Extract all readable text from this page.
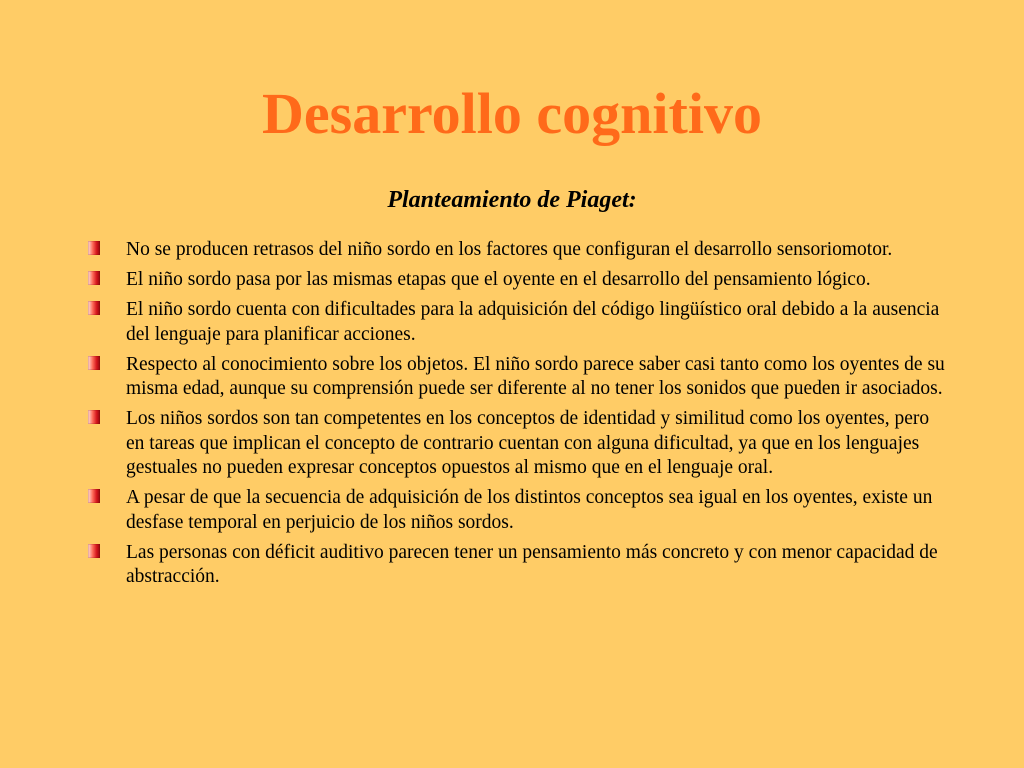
Desarrollo cognitivo
Planteamiento de Piaget:
No se producen retrasos del niño sordo en los factores que configuran el desarrollo sensoriomotor.
El niño sordo pasa por las mismas etapas que el oyente en el desarrollo del pensamiento lógico.
El niño sordo cuenta con dificultades para la adquisición del código lingüístico oral debido a la ausencia del lenguaje para planificar acciones.
Respecto al conocimiento sobre los objetos. El niño sordo parece saber casi tanto como los oyentes de su misma edad, aunque su comprensión puede ser diferente al no tener los sonidos que pueden ir asociados.
Los niños sordos son tan competentes en los conceptos de identidad y similitud como los oyentes, pero en tareas que implican el concepto de contrario cuentan con alguna dificultad, ya que en los lenguajes gestuales no pueden expresar conceptos opuestos al mismo que en el lenguaje oral.
A pesar de que la secuencia de adquisición de los distintos conceptos sea igual en los oyentes, existe un desfase temporal en perjuicio de los niños sordos.
Las personas con déficit auditivo parecen tener un pensamiento más concreto y con menor capacidad de abstracción.
